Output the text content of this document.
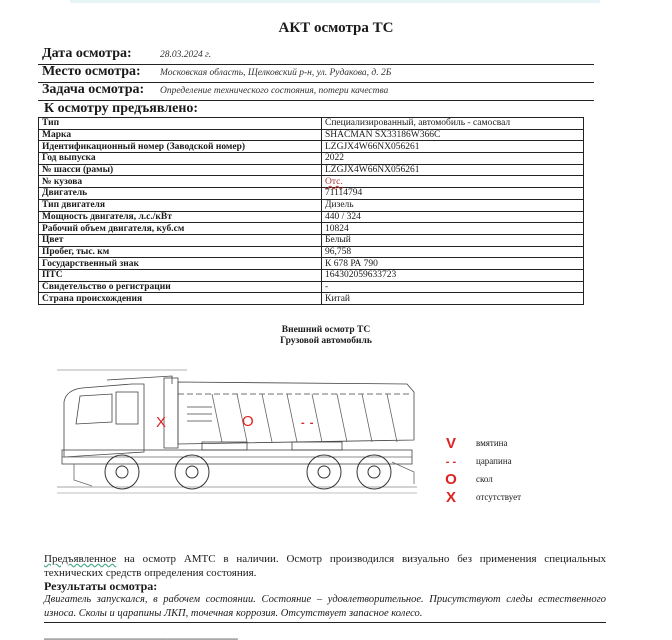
АКТ осмотра ТС
Дата осмотра:	28.03.2024 г.
Место осмотра: Московская область, Щелковский р-н, ул. Рудакова, д. 2Б
Задача осмотра: Определение технического состояния, потери качества
К осмотру предъявлено:
Тип	Специализированный, автомобиль - самосвал
Марка	SHACMAN SX33186W366C
Идентификационный номер (Заводской номер)	LZGJX4W66NX056261
Год выпуска	2022
№ шасси (рамы)	LZGJX4W66NX056261
№ кузова	Отс.
Двигатель	71114794
Тип двигателя	Дизель
Мощность двигателя, л.с./кВт	440 / 324
Рабочий объем двигателя, куб.см	10824
Цвет	Белый
Пробег, тыс. км	96,758
Государственный знак	К 678 РА 790
ПТС	164302059633723
Свидетельство о регистрации	-
Страна происхождения	Китай
Внешний осмотр ТС
Грузовой автомобиль
X	O	- -
V вмятина
- - царапина
O скол
X отсутствует
Предъявленное на осмотр АМТС в наличии. Осмотр производился визуально без применения специальных технических средств определения состояния.
Результаты осмотра:
Двигатель запускался, в рабочем состоянии. Состояние – удовлетворительное. Присутствуют следы естественного износа. Сколы и царапины ЛКП, точечная коррозия. Отсутствует запасное колесо.
▁▁▁▁▁▁▁▁▁▁▁▁▁▁▁▁▁▁▁▁▁▁▁▁▁▁▁▁▁▁▁▁▁▁▁▁
